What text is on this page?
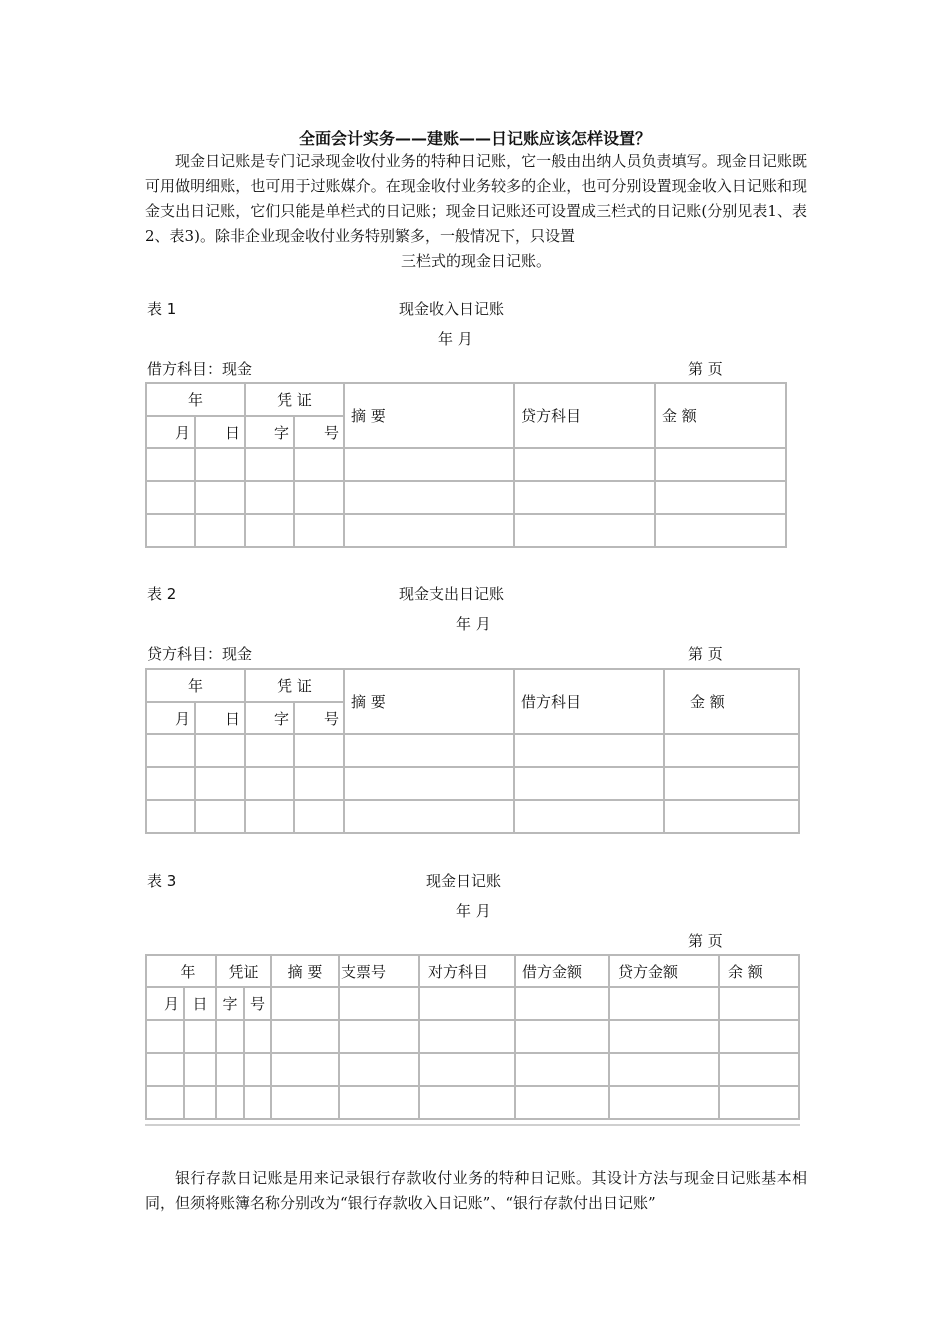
全面会计实务——建账——日记账应该怎样设置？

现金日记账是专门记录现金收付业务的特种日记账，它一般由出纳人员负责填写。现金日记账既可用做明细账，也可用于过账媒介。在现金收付业务较多的企业，也可分别设置现金收入日记账和现金支出日记账，它们只能是单栏式的日记账；现金日记账还可设置成三栏式的日记账(分别见表1、表2、表3)。除非企业现金收付业务特别繁多，一般情况下，只设置

三栏式的现金日记账。
表 1	现金收入日记账
年 月
借方科目：现金	第 页
年		凭 证		摘 要	贷方科目	金 额
月	日	字	号			

表 2	现金支出日记账
年 月
贷方科目：现金	第 页
年		凭 证		摘 要	借方科目	金 额
月	日	字	号			

表 3	现金日记账
年 月
第 页
年		凭证		摘 要	支票号	对方科目	借方金额	贷方金额	余 额
月	日	字	号						

银行存款日记账是用来记录银行存款收付业务的特种日记账。其设计方法与现金日记账基本相同，但须将账簿名称分别改为“银行存款收入日记账”、“银行存款付出日记账”
